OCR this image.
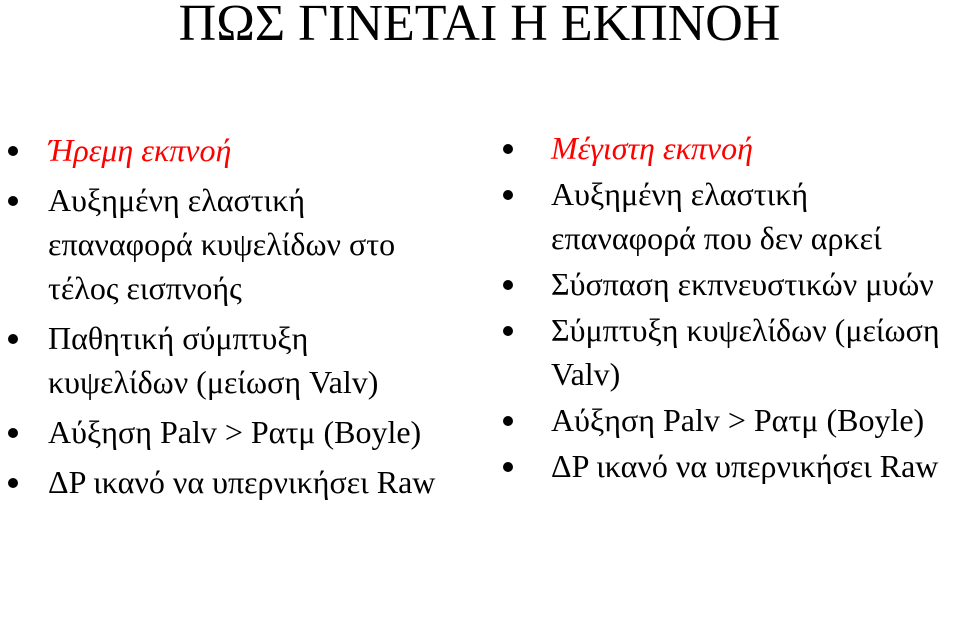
ΠΩΣ ΓΙΝΕΤΑΙ Η ΕΚΠΝΟΗ
Ήρεμη εκπνοή
Αυξημένη ελαστική επαναφορά κυψελίδων στο τέλος εισπνοής
Παθητική σύμπτυξη κυψελίδων (μείωση Valv)
Αύξηση Palv > Pατμ (Boyle)
ΔP ικανό να υπερνικήσει Raw
Μέγιστη εκπνοή
Αυξημένη ελαστική επαναφορά που δεν αρκεί
Σύσπαση εκπνευστικών μυών
Σύμπτυξη κυψελίδων (μείωση Valv)
Αύξηση Palv > Pατμ (Boyle)
ΔP ικανό να υπερνικήσει Raw
